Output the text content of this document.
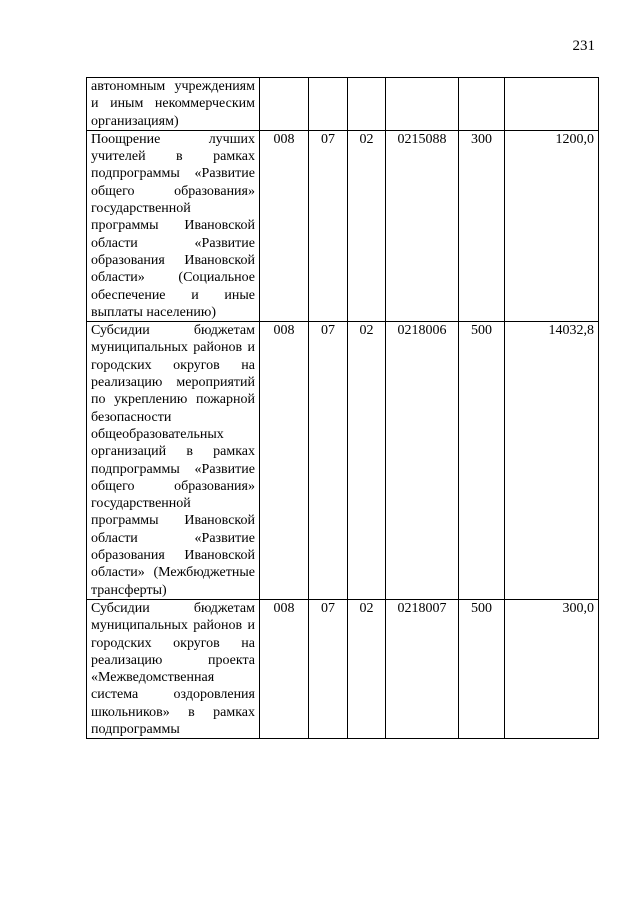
231
автономным учреждениям и иным некоммерческим организациям)						
Поощрение лучших учителей в рамках подпрограммы «Развитие общего образования» государственной программы Ивановской области «Развитие образования Ивановской области» (Социальное обеспечение и иные выплаты населению)	008	07	02	0215088	300	1200,0
Субсидии бюджетам муниципальных районов и городских округов на реализацию мероприятий по укреплению пожарной безопасности общеобразовательных организаций в рамках подпрограммы «Развитие общего образования» государственной программы Ивановской области «Развитие образования Ивановской области» (Межбюджетные трансферты)	008	07	02	0218006	500	14032,8
Субсидии бюджетам муниципальных районов и городских округов на реализацию проекта «Межведомственная система оздоровления школьников» в рамках подпрограммы	008	07	02	0218007	500	300,0
